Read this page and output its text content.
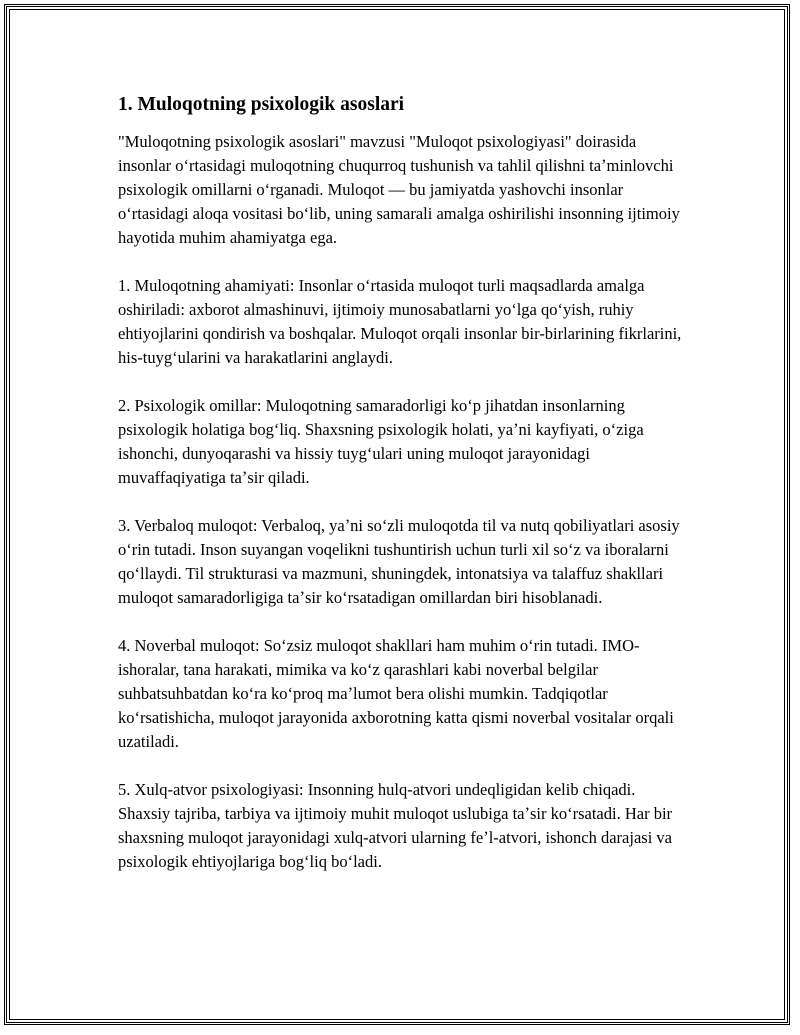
1. Muloqotning psixologik asoslari

"Muloqotning psixologik asoslari" mavzusi "Muloqot psixologiyasi" doirasida insonlar oʻrtasidagi muloqotning chuqurroq tushunish va tahlil qilishni taʼminlovchi psixologik omillarni oʻrganadi. Muloqot — bu jamiyatda yashovchi insonlar oʻrtasidagi aloqa vositasi boʻlib, uning samarali amalga oshirilishi insonning ijtimoiy hayotida muhim ahamiyatga ega.

1. Muloqotning ahamiyati: Insonlar oʻrtasida muloqot turli maqsadlarda amalga oshiriladi: axborot almashinuvi, ijtimoiy munosabatlarni yoʻlga qoʻyish, ruhiy ehtiyojlarini qondirish va boshqalar. Muloqot orqali insonlar bir-birlarining fikrlarini, his-tuygʻularini va harakatlarini anglaydi.

2. Psixologik omillar: Muloqotning samaradorligi koʻp jihatdan insonlarning psixologik holatiga bogʻliq. Shaxsning psixologik holati, yaʼni kayfiyati, oʻziga ishonchi, dunyoqarashi va hissiy tuygʻulari uning muloqot jarayonidagi muvaffaqiyatiga taʼsir qiladi.

3. Verbaloq muloqot: Verbaloq, yaʼni soʻzli muloqotda til va nutq qobiliyatlari asosiy oʻrin tutadi. Inson suyangan voqelikni tushuntirish uchun turli xil soʻz va iboralarni qoʻllaydi. Til strukturasi va mazmuni, shuningdek, intonatsiya va talaffuz shakllari muloqot samaradorligiga taʼsir koʻrsatadigan omillardan biri hisoblanadi.

4. Noverbal muloqot: Soʻzsiz muloqot shakllari ham muhim oʻrin tutadi. IMO-ishoralar, tana harakati, mimika va koʻz qarashlari kabi noverbal belgilar suhbatsuhbatdan koʻra koʻproq maʼlumot bera olishi mumkin. Tadqiqotlar koʻrsatishicha, muloqot jarayonida axborotning katta qismi noverbal vositalar orqali uzatiladi.

5. Xulq-atvor psixologiyasi: Insonning hulq-atvori undeqligidan kelib chiqadi. Shaxsiy tajriba, tarbiya va ijtimoiy muhit muloqot uslubiga taʼsir koʻrsatadi. Har bir shaxsning muloqot jarayonidagi xulq-atvori ularning feʼl-atvori, ishonch darajasi va psixologik ehtiyojlariga bogʻliq boʻladi.
